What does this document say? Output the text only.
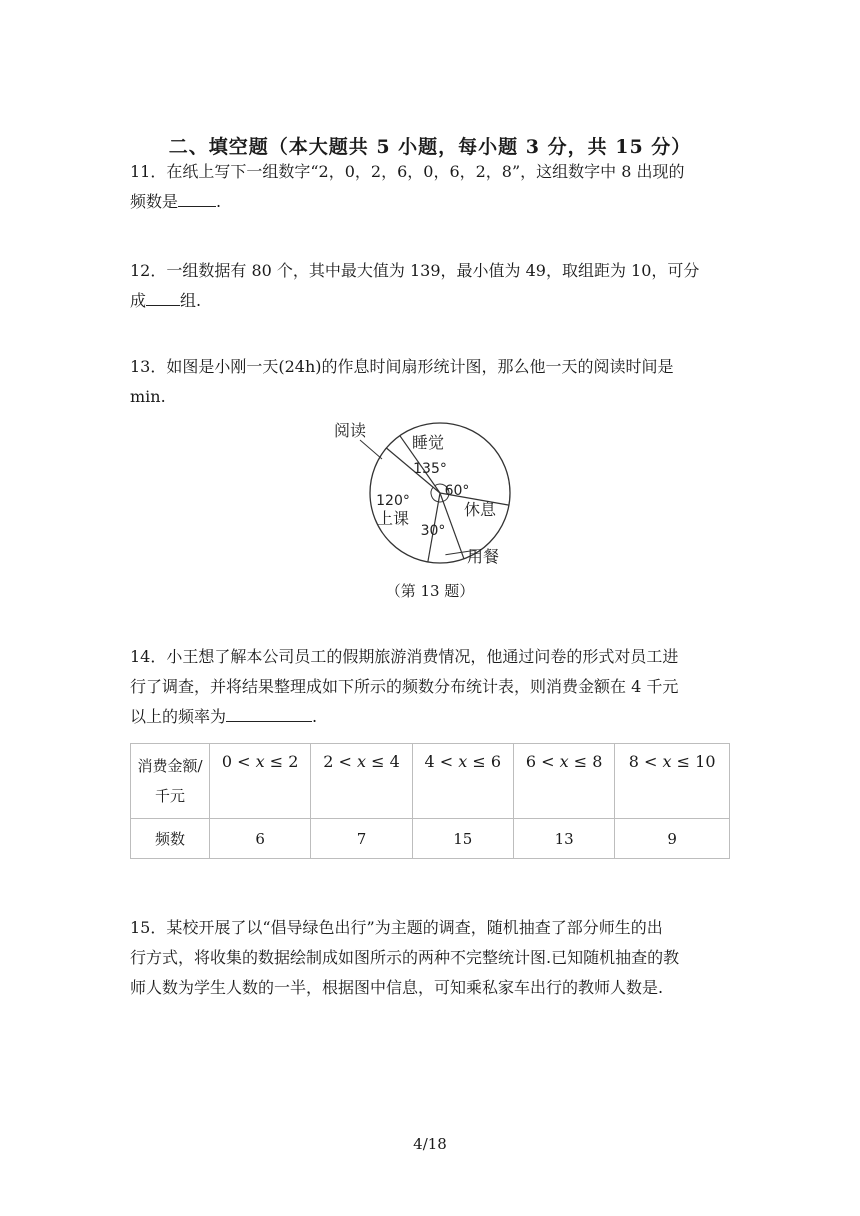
二、填空题（本大题共 5 小题，每小题 3 分，共 15 分）
11．在纸上写下一组数字“2，0，2，6，0，6，2，8”，这组数字中 8 出现的
频数是 .
12．一组数据有 80 个，其中最大值为 139，最小值为 49，取组距为 10，可分
成 组.
13．如图是小刚一天(24h)的作息时间扇形统计图，那么他一天的阅读时间是
min.
睡觉
135°
休息
60°
用餐
30°
上课
120°
阅读
（第 13 题）
14．小王想了解本公司员工的假期旅游消费情况，他通过问卷的形式对员工进
行了调查，并将结果整理成如下所示的频数分布统计表，则消费金额在 4 千元
以上的频率为	.
消费金额/
千元	0 < x ≤ 2	2 < x ≤ 4	4 < x ≤ 6	6 < x ≤ 8	8 < x ≤ 10
频数	6	7	15	13	9
15．某校开展了以“倡导绿色出行”为主题的调查，随机抽查了部分师生的出
行方式，将收集的数据绘制成如图所示的两种不完整统计图.已知随机抽查的教
师人数为学生人数的一半，根据图中信息，可知乘私家车出行的教师人数是.
4/18
